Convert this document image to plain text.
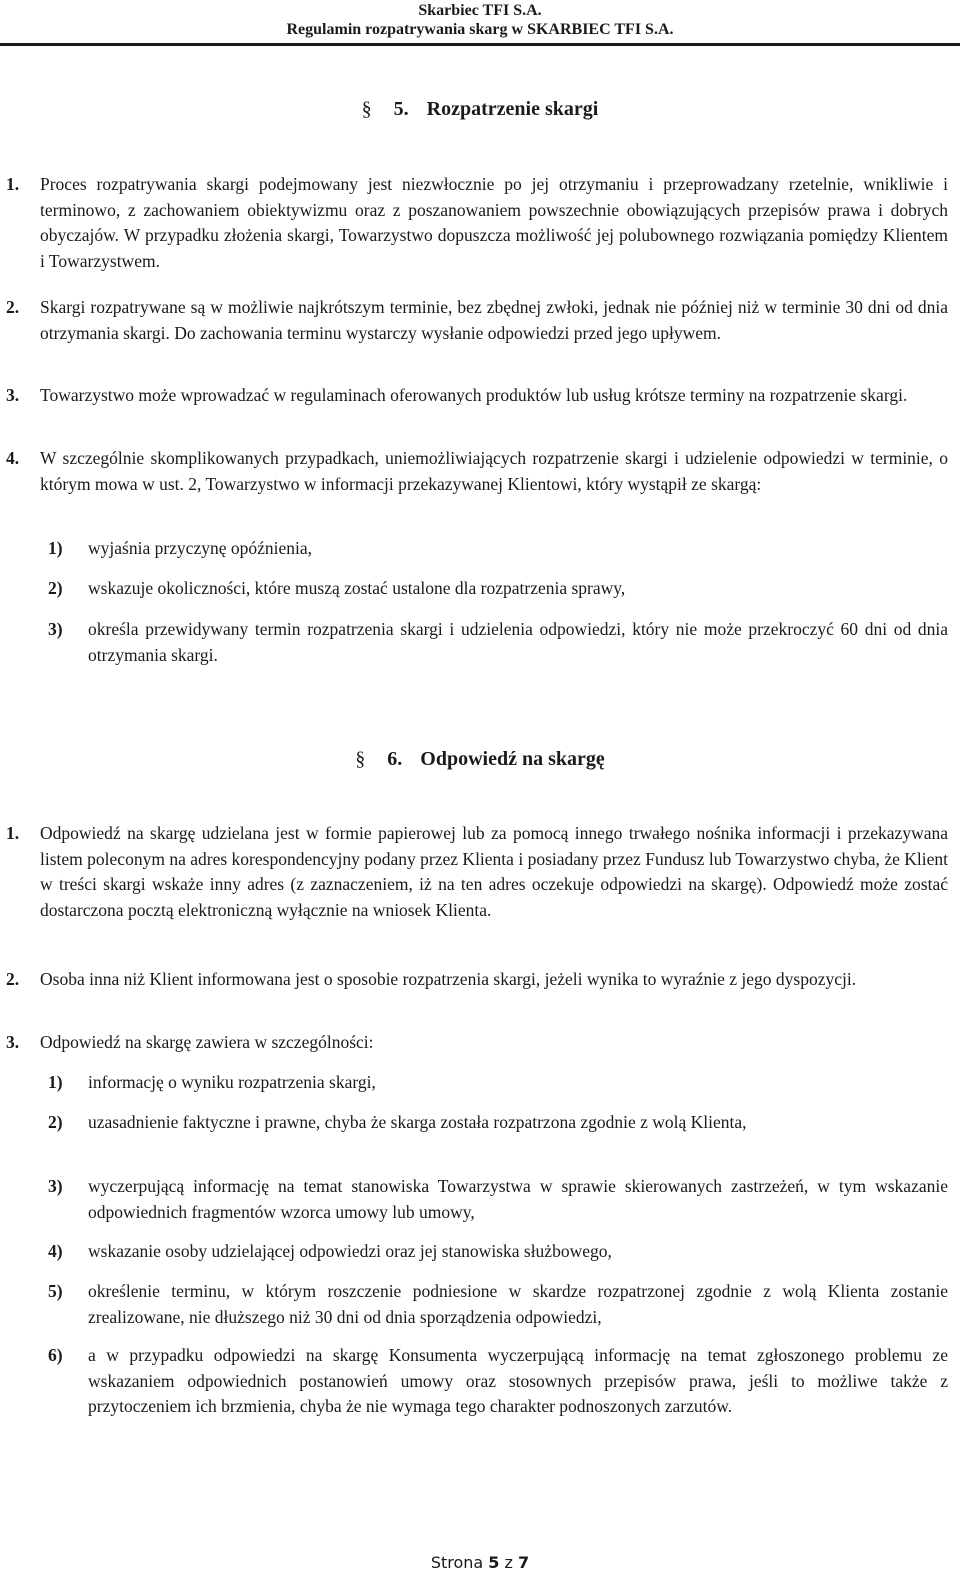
Skarbiec TFI S.A.
Regulamin rozpatrywania skarg w SKARBIEC TFI S.A.
§ 5. Rozpatrzenie skargi
1. Proces rozpatrywania skargi podejmowany jest niezwłocznie po jej otrzymaniu i przeprowadzany rzetelnie, wnikliwie i terminowo, z zachowaniem obiektywizmu oraz z poszanowaniem powszechnie obowiązujących przepisów prawa i dobrych obyczajów. W przypadku złożenia skargi, Towarzystwo dopuszcza możliwość jej polubownego rozwiązania pomiędzy Klientem i Towarzystwem.
2. Skargi rozpatrywane są w możliwie najkrótszym terminie, bez zbędnej zwłoki, jednak nie później niż w terminie 30 dni od dnia otrzymania skargi. Do zachowania terminu wystarczy wysłanie odpowiedzi przed jego upływem.
3. Towarzystwo może wprowadzać w regulaminach oferowanych produktów lub usług krótsze terminy na rozpatrzenie skargi.
4. W szczególnie skomplikowanych przypadkach, uniemożliwiających rozpatrzenie skargi i udzielenie odpowiedzi w terminie, o którym mowa w ust. 2, Towarzystwo w informacji przekazywanej Klientowi, który wystąpił ze skargą:
1) wyjaśnia przyczynę opóźnienia,
2) wskazuje okoliczności, które muszą zostać ustalone dla rozpatrzenia sprawy,
3) określa przewidywany termin rozpatrzenia skargi i udzielenia odpowiedzi, który nie może przekroczyć 60 dni od dnia otrzymania skargi.
§ 6. Odpowiedź na skargę
1. Odpowiedź na skargę udzielana jest w formie papierowej lub za pomocą innego trwałego nośnika informacji i przekazywana listem poleconym na adres korespondencyjny podany przez Klienta i posiadany przez Fundusz lub Towarzystwo chyba, że Klient w treści skargi wskaże inny adres (z zaznaczeniem, iż na ten adres oczekuje odpowiedzi na skargę). Odpowiedź może zostać dostarczona pocztą elektroniczną wyłącznie na wniosek Klienta.
2. Osoba inna niż Klient informowana jest o sposobie rozpatrzenia skargi, jeżeli wynika to wyraźnie z jego dyspozycji.
3. Odpowiedź na skargę zawiera w szczególności:
1) informację o wyniku rozpatrzenia skargi,
2) uzasadnienie faktyczne i prawne, chyba że skarga została rozpatrzona zgodnie z wolą Klienta,
3) wyczerpującą informację na temat stanowiska Towarzystwa w sprawie skierowanych zastrzeżeń, w tym wskazanie odpowiednich fragmentów wzorca umowy lub umowy,
4) wskazanie osoby udzielającej odpowiedzi oraz jej stanowiska służbowego,
5) określenie terminu, w którym roszczenie podniesione w skardze rozpatrzonej zgodnie z wolą Klienta zostanie zrealizowane, nie dłuższego niż 30 dni od dnia sporządzenia odpowiedzi,
6) a w przypadku odpowiedzi na skargę Konsumenta wyczerpującą informację na temat zgłoszonego problemu ze wskazaniem odpowiednich postanowień umowy oraz stosownych przepisów prawa, jeśli to możliwe także z przytoczeniem ich brzmienia, chyba że nie wymaga tego charakter podnoszonych zarzutów.
Strona 5 z 7
